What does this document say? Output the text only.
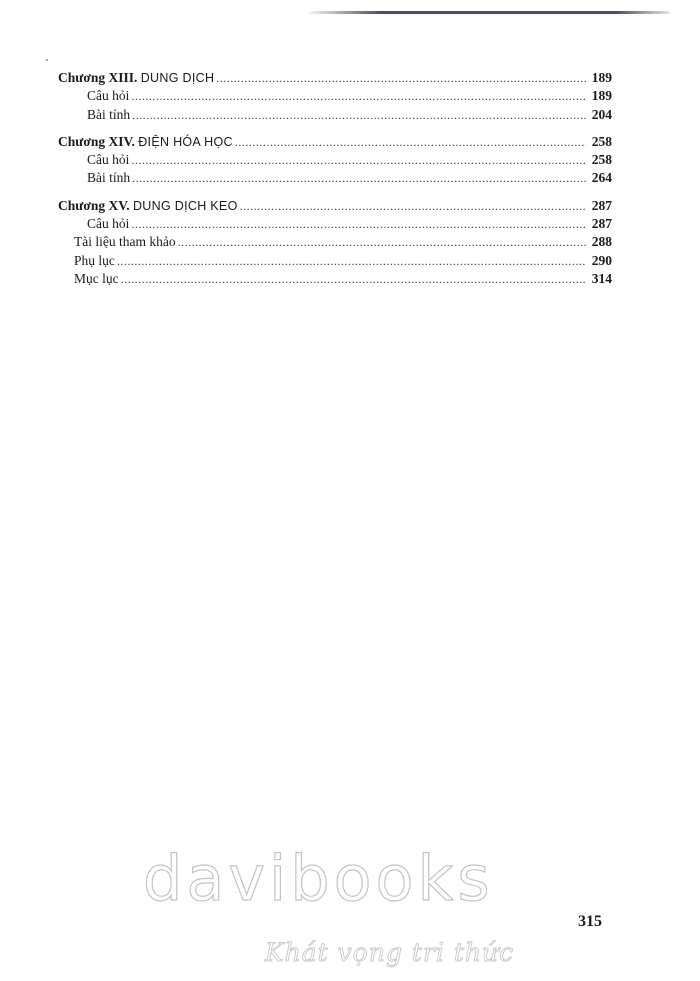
Chương XIII. DUNG DỊCH .....	189
Câu hỏi .....	189
Bài tính .....	204
Chương XIV. ĐIỆN HÓA HỌC .....	258
Câu hỏi .....	258
Bài tính .....	264
Chương XV. DUNG DỊCH KEO .....	287
Câu hỏi .....	287
Tài liệu tham khảo .....	288
Phụ lục .....	290
Mục lục .....	314
davibooks
Khát vọng tri thức
315
